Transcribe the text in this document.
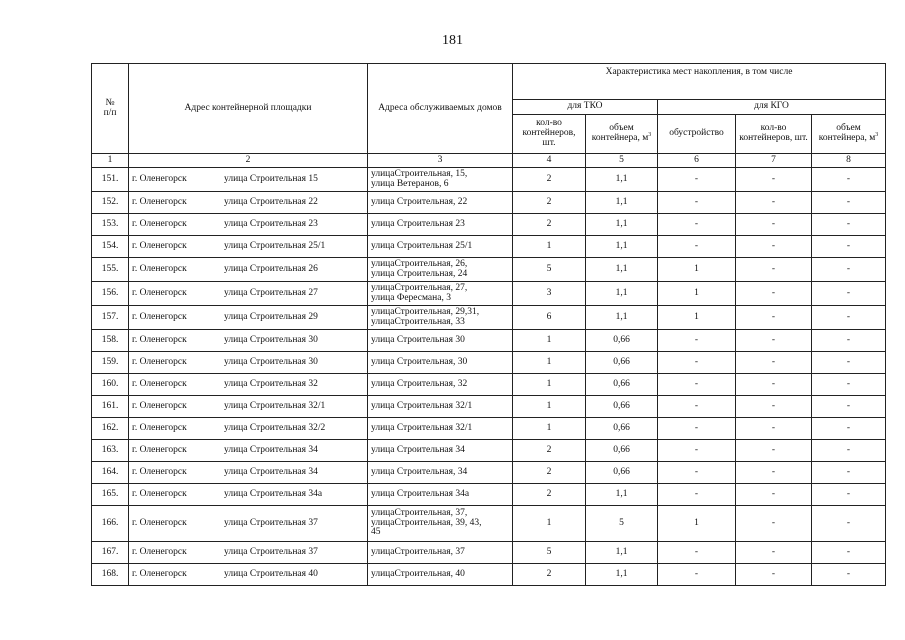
181
№
п/п	Адрес контейнерной площадки	Адреса обслуживаемых домов	Характеристика мест накопления, в том числе				
			для ТКО		для КГО		
			кол-во контейнеров, шт.	объем контейнера, $м^3$	обустройство	кол-во контейнеров, шт.	объем контейнера, $м^3$
1	2	3	4	5	6	7	8
151.	г. Оленегорск улица Строительная 15	улицаСтроительная, 15,
улица Ветеранов, 6	2	1,1	-	-	-
152.	г. Оленегорск улица Строительная 22	улица Строительная, 22	2	1,1	-	-	-
153.	г. Оленегорск улица Строительная 23	улица Строительная 23	2	1,1	-	-	-
154.	г. Оленегорск улица Строительная 25/1	улица Строительная 25/1	1	1,1	-	-	-
155.	г. Оленегорск улица Строительная 26	улицаСтроительная, 26,
улица Строительная, 24	5	1,1	1	-	-
156.	г. Оленегорск улица Строительная 27	улицаСтроительная, 27,
улица Фересмана, 3	3	1,1	1	-	-
157.	г. Оленегорск улица Строительная 29	улицаСтроительная, 29,31,
улицаСтроительная, 33	6	1,1	1	-	-
158.	г. Оленегорск улица Строительная 30	улица Строительная 30	1	0,66	-	-	-
159.	г. Оленегорск улица Строительная 30	улица Строительная, 30	1	0,66	-	-	-
160.	г. Оленегорск улица Строительная 32	улица Строительная, 32	1	0,66	-	-	-
161.	г. Оленегорск улица Строительная 32/1	улица Строительная 32/1	1	0,66	-	-	-
162.	г. Оленегорск улица Строительная 32/2	улица Строительная 32/1	1	0,66	-	-	-
163.	г. Оленегорск улица Строительная 34	улица Строительная 34	2	0,66	-	-	-
164.	г. Оленегорск улица Строительная 34	улица Строительная, 34	2	0,66	-	-	-
165.	г. Оленегорск улица Строительная 34а	улица Строительная 34а	2	1,1	-	-	-
166.	г. Оленегорск улица Строительная 37	улицаСтроительная, 37,
улицаСтроительная, 39, 43,
45	1	5	1	-	-
167.	г. Оленегорск улица Строительная 37	улицаСтроительная, 37	5	1,1	-	-	-
168.	г. Оленегорск улица Строительная 40	улицаСтроительная, 40	2	1,1	-	-	-
